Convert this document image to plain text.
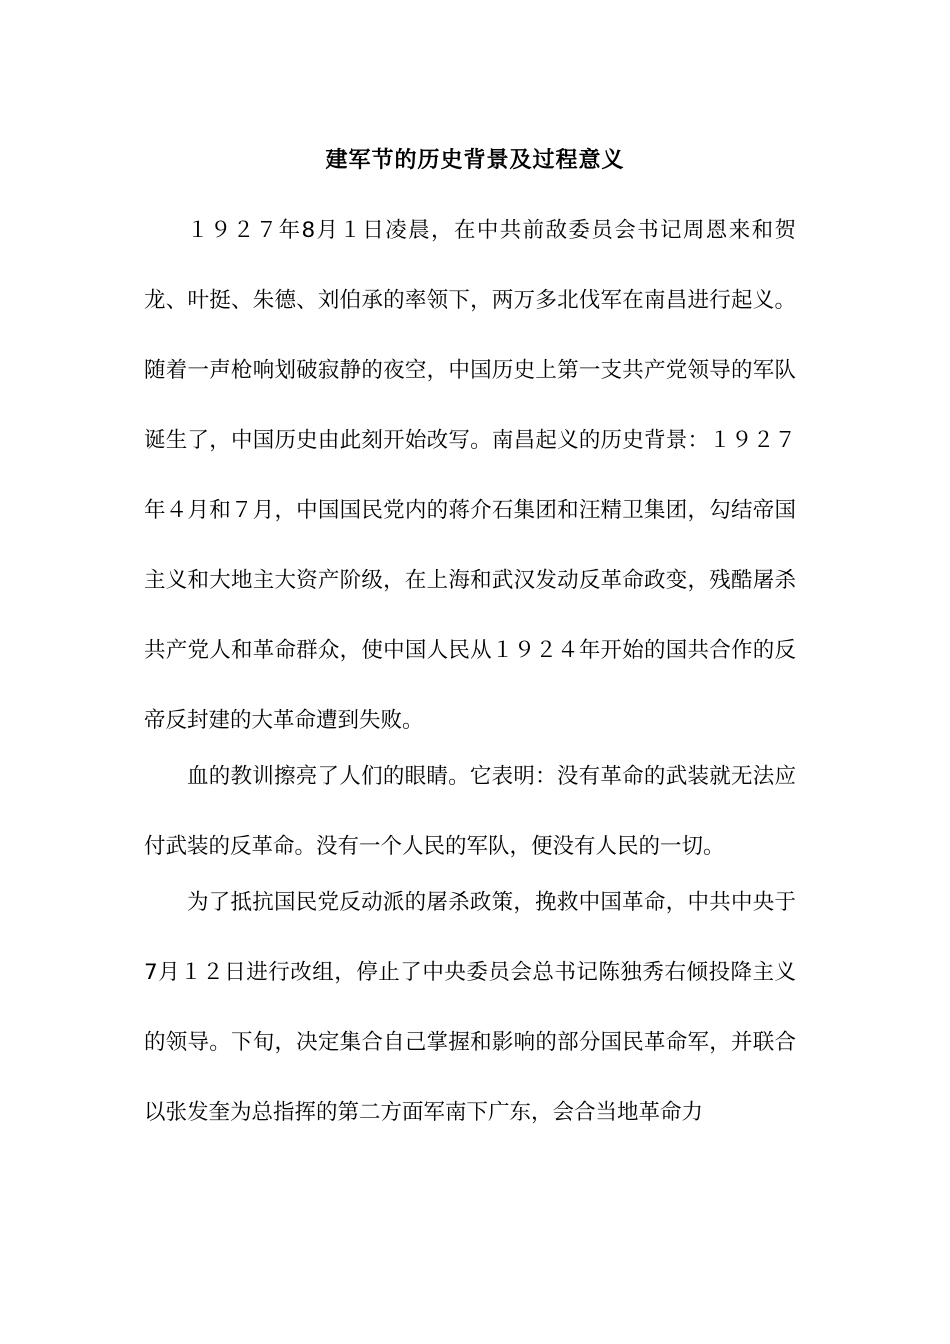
建军节的历史背景及过程意义

１９２７年8月１日凌晨，在中共前敌委员会书记周恩来和贺龙、叶挺、朱德、刘伯承的率领下，两万多北伐军在南昌进行起义。随着一声枪响划破寂静的夜空，中国历史上第一支共产党领导的军队诞生了，中国历史由此刻开始改写。南昌起义的历史背景：１９２７年４月和７月，中国国民党内的蒋介石集团和汪精卫集团，勾结帝国主义和大地主大资产阶级，在上海和武汉发动反革命政变，残酷屠杀共产党人和革命群众，使中国人民从１９２４年开始的国共合作的反帝反封建的大革命遭到失败。

血的教训擦亮了人们的眼睛。它表明：没有革命的武装就无法应付武装的反革命。没有一个人民的军队，便没有人民的一切。

为了抵抗国民党反动派的屠杀政策，挽救中国革命，中共中央于7月１２日进行改组，停止了中央委员会总书记陈独秀右倾投降主义的领导。下旬，决定集合自己掌握和影响的部分国民革命军，并联合以张发奎为总指挥的第二方面军南下广东，会合当地革命力
